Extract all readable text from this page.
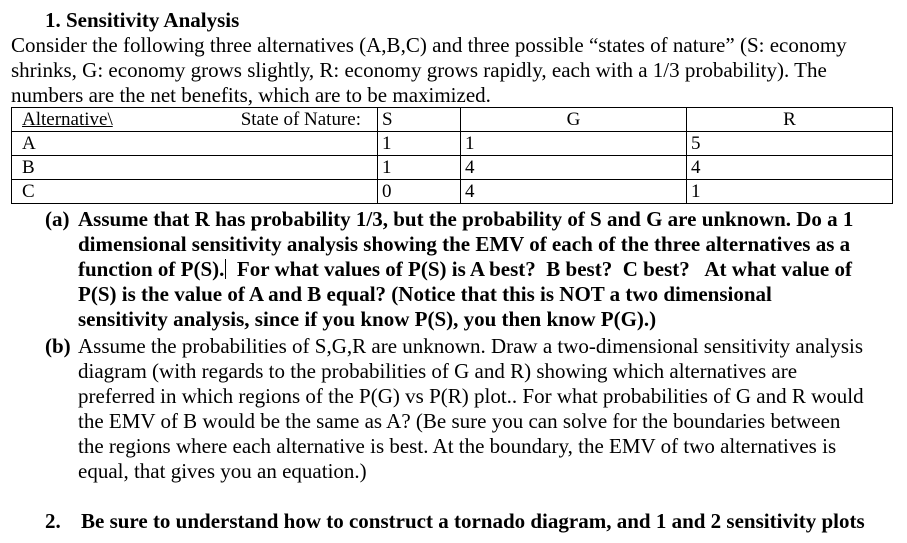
1. Sensitivity Analysis
Consider the following three alternatives (A,B,C) and three possible “states of nature” (S: economy
shrinks, G: economy grows slightly, R: economy grows rapidly, each with a 1/3 probability). The
numbers are the net benefits, which are to be maximized.
Alternative\ State of Nature:	S	G	R
A	1	1	5
B	1	4	4
C	0	4	1
(a) Assume that R has probability 1/3, but the probability of S and G are unknown. Do a 1
dimensional sensitivity analysis showing the EMV of each of the three alternatives as a
function of P(S).  For what values of P(S) is A best?  B best?  C best?   At what value of
P(S) is the value of A and B equal? (Notice that this is NOT a two dimensional
sensitivity analysis, since if you know P(S), you then know P(G).)
(b) Assume the probabilities of S,G,R are unknown. Draw a two-dimensional sensitivity analysis
diagram (with regards to the probabilities of G and R) showing which alternatives are
preferred in which regions of the P(G) vs P(R) plot.. For what probabilities of G and R would
the EMV of B would be the same as A? (Be sure you can solve for the boundaries between
the regions where each alternative is best. At the boundary, the EMV of two alternatives is
equal, that gives you an equation.)
2. Be sure to understand how to construct a tornado diagram, and 1 and 2 sensitivity plots
